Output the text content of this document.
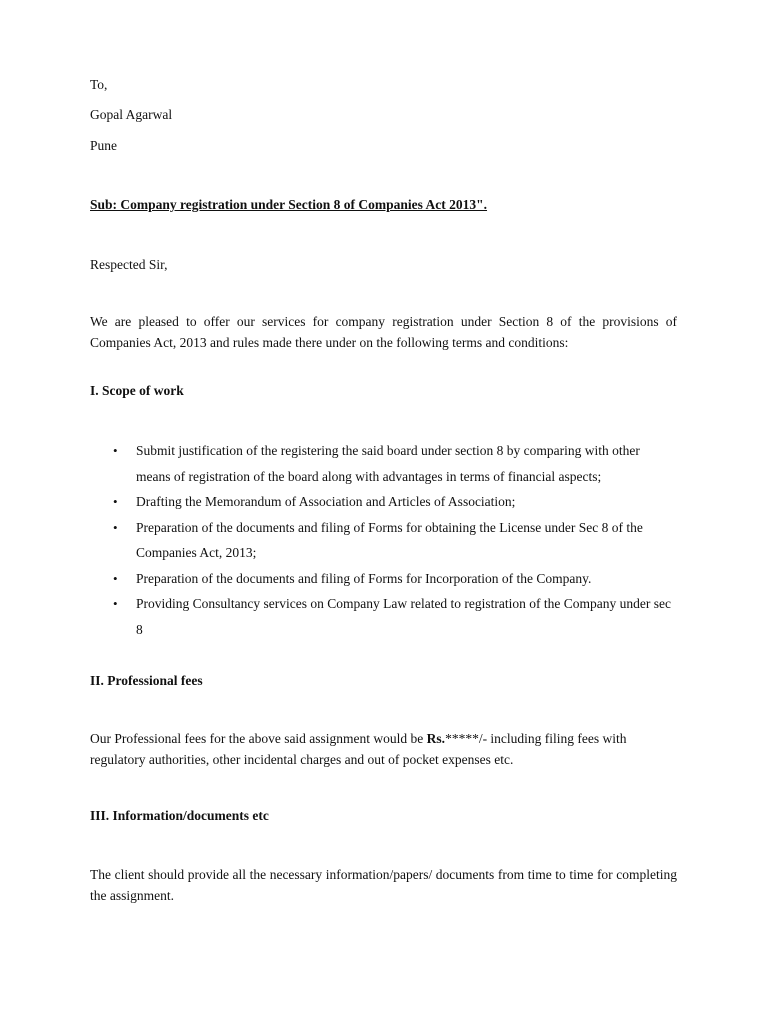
To,

Gopal Agarwal

Pune

Sub: Company registration under Section 8 of Companies Act 2013".

Respected Sir,

We are pleased to offer our services for company registration under Section 8 of the provisions of Companies Act, 2013 and rules made there under on the following terms and conditions:

I. Scope of work

• Submit justification of the registering the said board under section 8 by comparing with other means of registration of the board along with advantages in terms of financial aspects;
• Drafting the Memorandum of Association and Articles of Association;
• Preparation of the documents and filing of Forms for obtaining the License under Sec 8 of the Companies Act, 2013;
• Preparation of the documents and filing of Forms for Incorporation of the Company.
• Providing Consultancy services on Company Law related to registration of the Company under sec 8

II. Professional fees

Our Professional fees for the above said assignment would be Rs.*****/- including filing fees with regulatory authorities, other incidental charges and out of pocket expenses etc.

III. Information/documents etc

The client should provide all the necessary information/papers/ documents from time to time for completing the assignment.
